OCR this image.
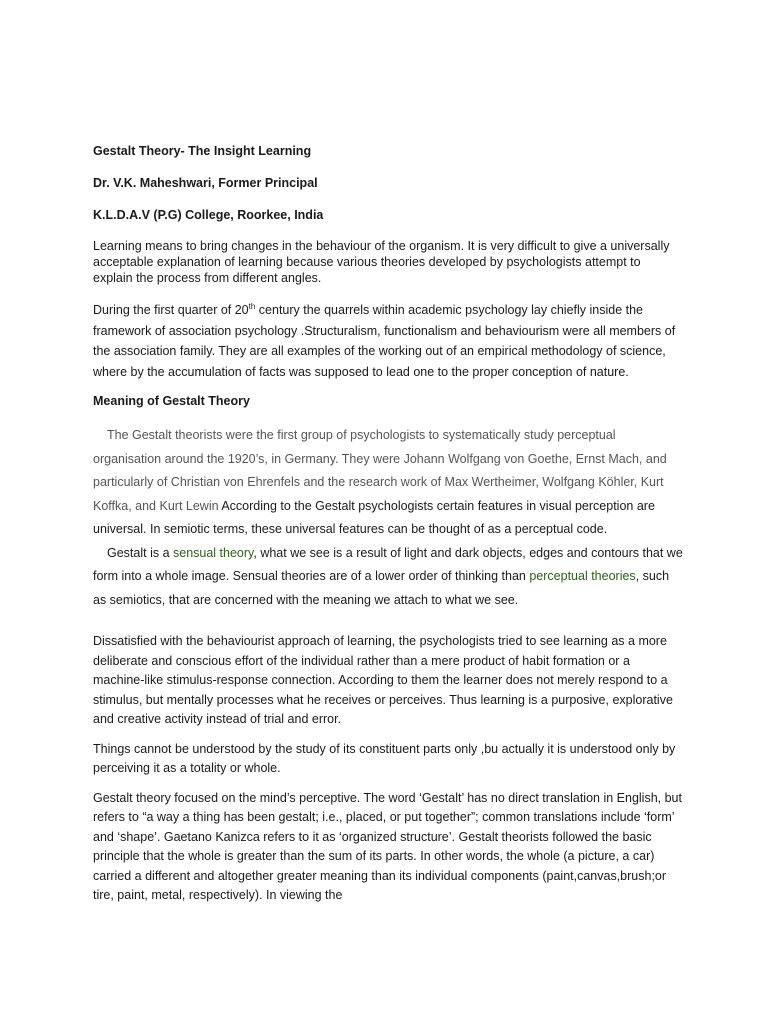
Gestalt Theory- The Insight Learning

Dr. V.K. Maheshwari, Former Principal

K.L.D.A.V (P.G) College, Roorkee, India

Learning means to bring changes in the behaviour of the organism. It is very difficult to give a universally acceptable explanation of learning because various theories developed by psychologists attempt to explain the process from different angles.

During the first quarter of 20th century the quarrels within academic psychology lay chiefly inside the framework of association psychology .Structuralism, functionalism and behaviourism were all members of the association family. They are all examples of the working out of an empirical methodology of science, where by the accumulation of facts was supposed to lead one to the proper conception of nature.

Meaning of Gestalt Theory

The Gestalt theorists were the first group of psychologists to systematically study perceptual organisation around the 1920’s, in Germany. They were Johann Wolfgang von Goethe, Ernst Mach, and particularly of Christian von Ehrenfels and the research work of Max Wertheimer, Wolfgang Köhler, Kurt Koffka, and Kurt Lewin According to the Gestalt psychologists certain features in visual perception are universal. In semiotic terms, these universal features can be thought of as a perceptual code.

Gestalt is a sensual theory, what we see is a result of light and dark objects, edges and contours that we form into a whole image. Sensual theories are of a lower order of thinking than perceptual theories, such as semiotics, that are concerned with the meaning we attach to what we see.

Dissatisfied with the behaviourist approach of learning, the psychologists tried to see learning as a more deliberate and conscious effort of the individual rather than a mere product of habit formation or a machine-like stimulus-response connection. According to them the learner does not merely respond to a stimulus, but mentally processes what he receives or perceives. Thus learning is a purposive, explorative and creative activity instead of trial and error.

Things cannot be understood by the study of its constituent parts only ,bu actually it is understood only by perceiving it as a totality or whole.

Gestalt theory focused on the mind’s perceptive. The word ‘Gestalt’ has no direct translation in English, but refers to “a way a thing has been gestalt; i.e., placed, or put together”; common translations include ‘form’ and ‘shape’. Gaetano Kanizca refers to it as ‘organized structure’. Gestalt theorists followed the basic principle that the whole is greater than the sum of its parts. In other words, the whole (a picture, a car) carried a different and altogether greater meaning than its individual components (paint,canvas,brush;or tire, paint, metal, respectively). In viewing the
